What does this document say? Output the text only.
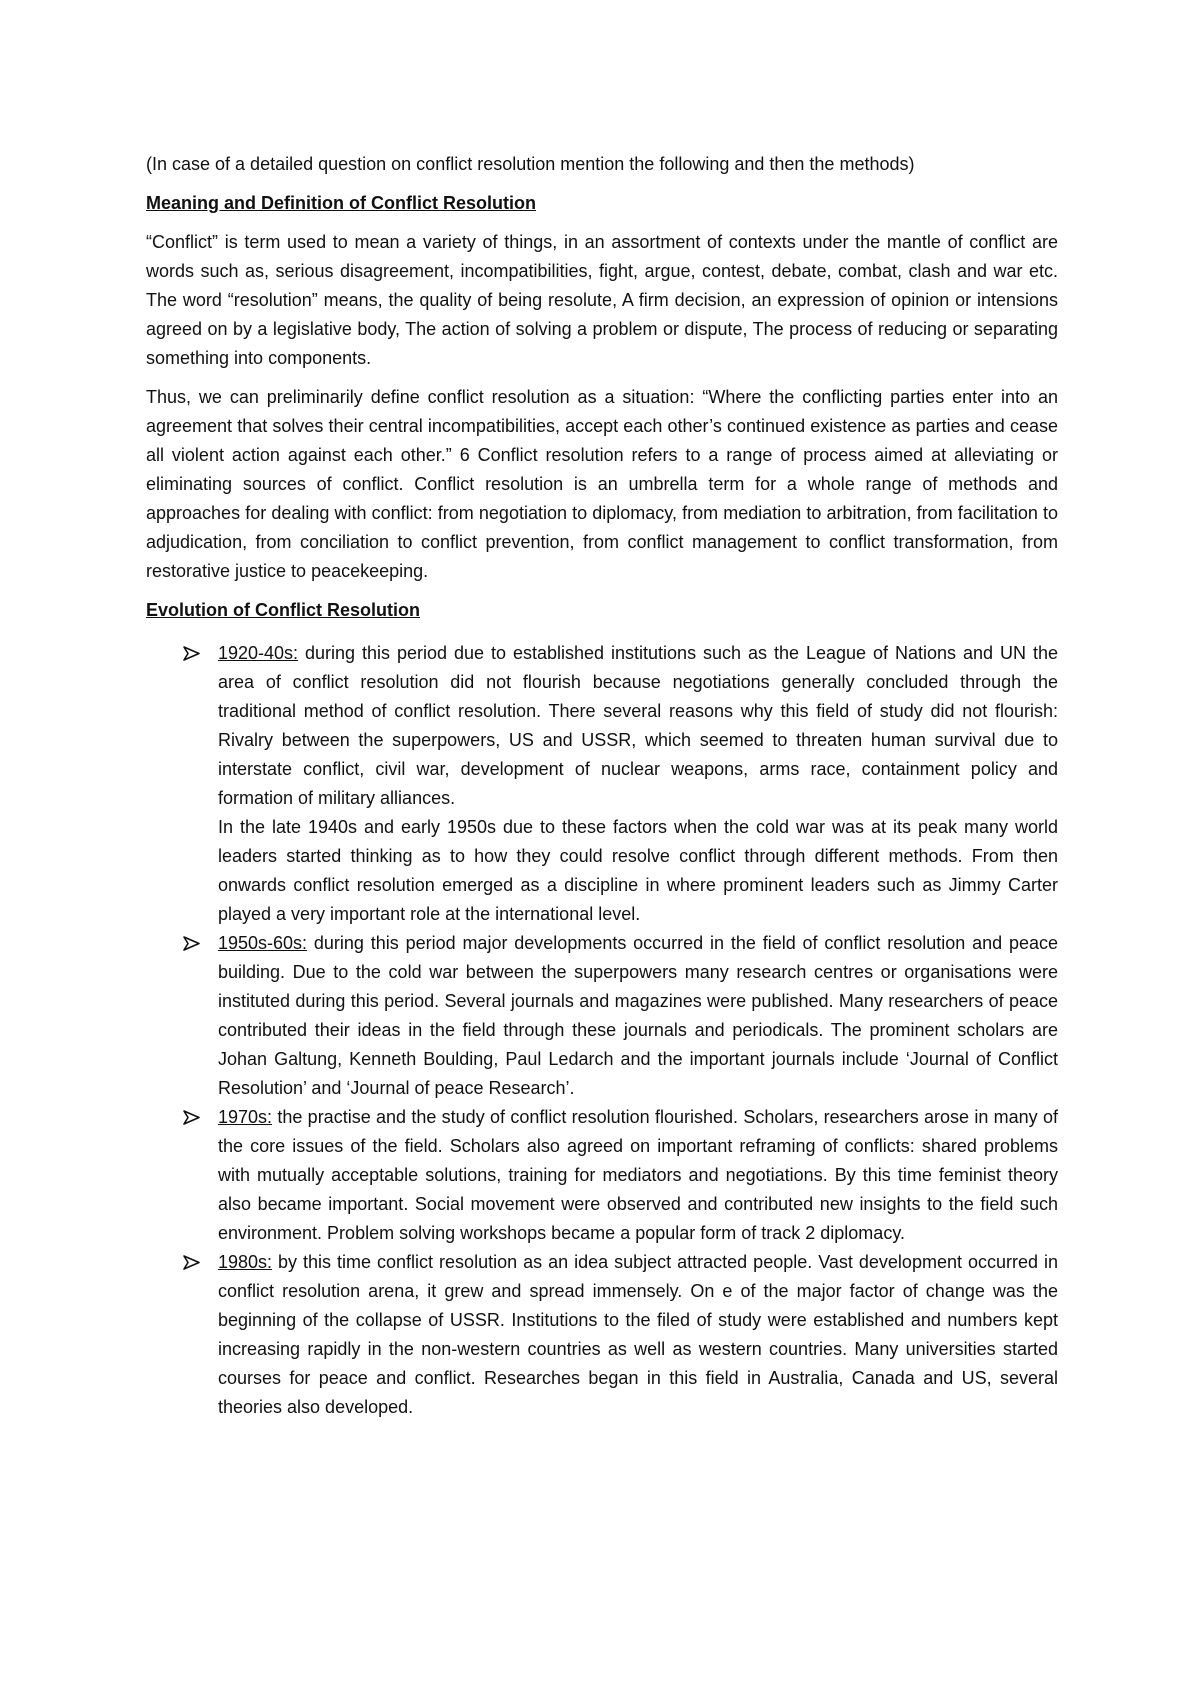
(In case of a detailed question on conflict resolution mention the following and then the methods)

Meaning and Definition of Conflict Resolution

“Conflict” is term used to mean a variety of things, in an assortment of contexts under the mantle of conflict are words such as, serious disagreement, incompatibilities, fight, argue, contest, debate, combat, clash and war etc. The word “resolution” means, the quality of being resolute, A firm decision, an expression of opinion or intensions agreed on by a legislative body, The action of solving a problem or dispute, The process of reducing or separating something into components.

Thus, we can preliminarily define conflict resolution as a situation: “Where the conflicting parties enter into an agreement that solves their central incompatibilities, accept each other’s continued existence as parties and cease all violent action against each other.” 6 Conflict resolution refers to a range of process aimed at alleviating or eliminating sources of conflict. Conflict resolution is an umbrella term for a whole range of methods and approaches for dealing with conflict: from negotiation to diplomacy, from mediation to arbitration, from facilitation to adjudication, from conciliation to conflict prevention, from conflict management to conflict transformation, from restorative justice to peacekeeping.

Evolution of Conflict Resolution
1920-40s: during this period due to established institutions such as the League of Nations and UN the area of conflict resolution did not flourish because negotiations generally concluded through the traditional method of conflict resolution. There several reasons why this field of study did not flourish: Rivalry between the superpowers, US and USSR, which seemed to threaten human survival due to interstate conflict, civil war, development of nuclear weapons, arms race, containment policy and formation of military alliances.
In the late 1940s and early 1950s due to these factors when the cold war was at its peak many world leaders started thinking as to how they could resolve conflict through different methods. From then onwards conflict resolution emerged as a discipline in where prominent leaders such as Jimmy Carter played a very important role at the international level.
1950s-60s: during this period major developments occurred in the field of conflict resolution and peace building. Due to the cold war between the superpowers many research centres or organisations were instituted during this period. Several journals and magazines were published. Many researchers of peace contributed their ideas in the field through these journals and periodicals. The prominent scholars are Johan Galtung, Kenneth Boulding, Paul Ledarch and the important journals include ‘Journal of Conflict Resolution’ and ‘Journal of peace Research’.
1970s: the practise and the study of conflict resolution flourished. Scholars, researchers arose in many of the core issues of the field. Scholars also agreed on important reframing of conflicts: shared problems with mutually acceptable solutions, training for mediators and negotiations. By this time feminist theory also became important. Social movement were observed and contributed new insights to the field such environment. Problem solving workshops became a popular form of track 2 diplomacy.
1980s: by this time conflict resolution as an idea subject attracted people. Vast development occurred in conflict resolution arena, it grew and spread immensely. On e of the major factor of change was the beginning of the collapse of USSR. Institutions to the filed of study were established and numbers kept increasing rapidly in the non-western countries as well as western countries. Many universities started courses for peace and conflict. Researches began in this field in Australia, Canada and US, several theories also developed.
